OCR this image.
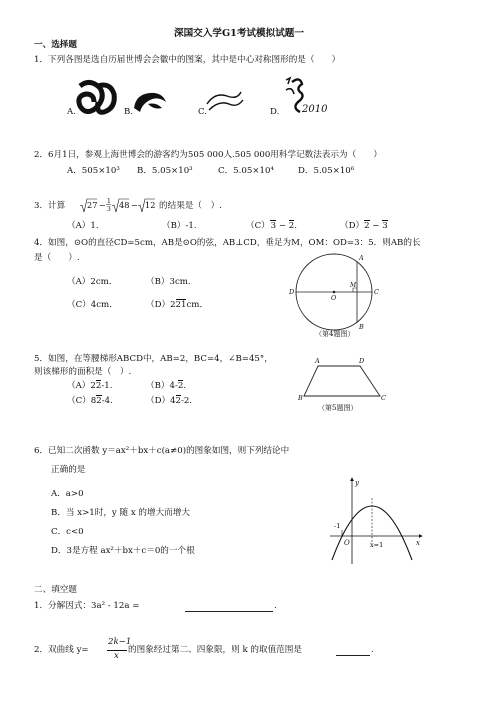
深国交入学G1考试模拟试题一
一、选择题
1．下列各图是选自历届世博会会徽中的图案，其中是中心对称图形的是（　　）
A.	B.	C.	D. 2010
2．6月1日，参观上海世博会的游客约为505 000人.505 000用科学记数法表示为（　　）
A．505×10³ B．5.05×10³	C．5.05×10⁴	D．5.05×10⁶
3．计算	27 − 1
3 48 − 12 的结果是（　）.
（A）1.	（B）-1.	（C） 3 − 2.	（D）2 − 3
4．如图，⊙O的直径CD=5cm，AB是⊙O的弦，AB⊥CD，垂足为M，OM：OD=3：5．则AB的长
是（　　）.
（A）2cm．	（B）3cm．
（C）4cm．	（D）221cm．
A
B
C
D
M
O
（第4题图）
5．如图，在等腰梯形ABCD中，AB=2，BC=4，∠B=45°，
则该梯形的面积是（　）.
（A）22-1.	（B）4-2.
（C）82-4.	（D）42-2.
A	D
B	C
（第5题图）
6．已知二次函数 y＝ax²＋bx＋c(a≠0)的图象如图，则下列结论中
正确的是
A．a>0
B．当 x>1时，y 随 x 的增大而增大
C．c<0
D．3是方程 ax²＋bx＋c＝0的一个根
y
x
O
-1
x=1
二、填空题
1．分解因式：3a² - 12a =	.
2．双曲线 y=
2k−1
x
的图象经过第二、四象限，则 k 的取值范围是	.
